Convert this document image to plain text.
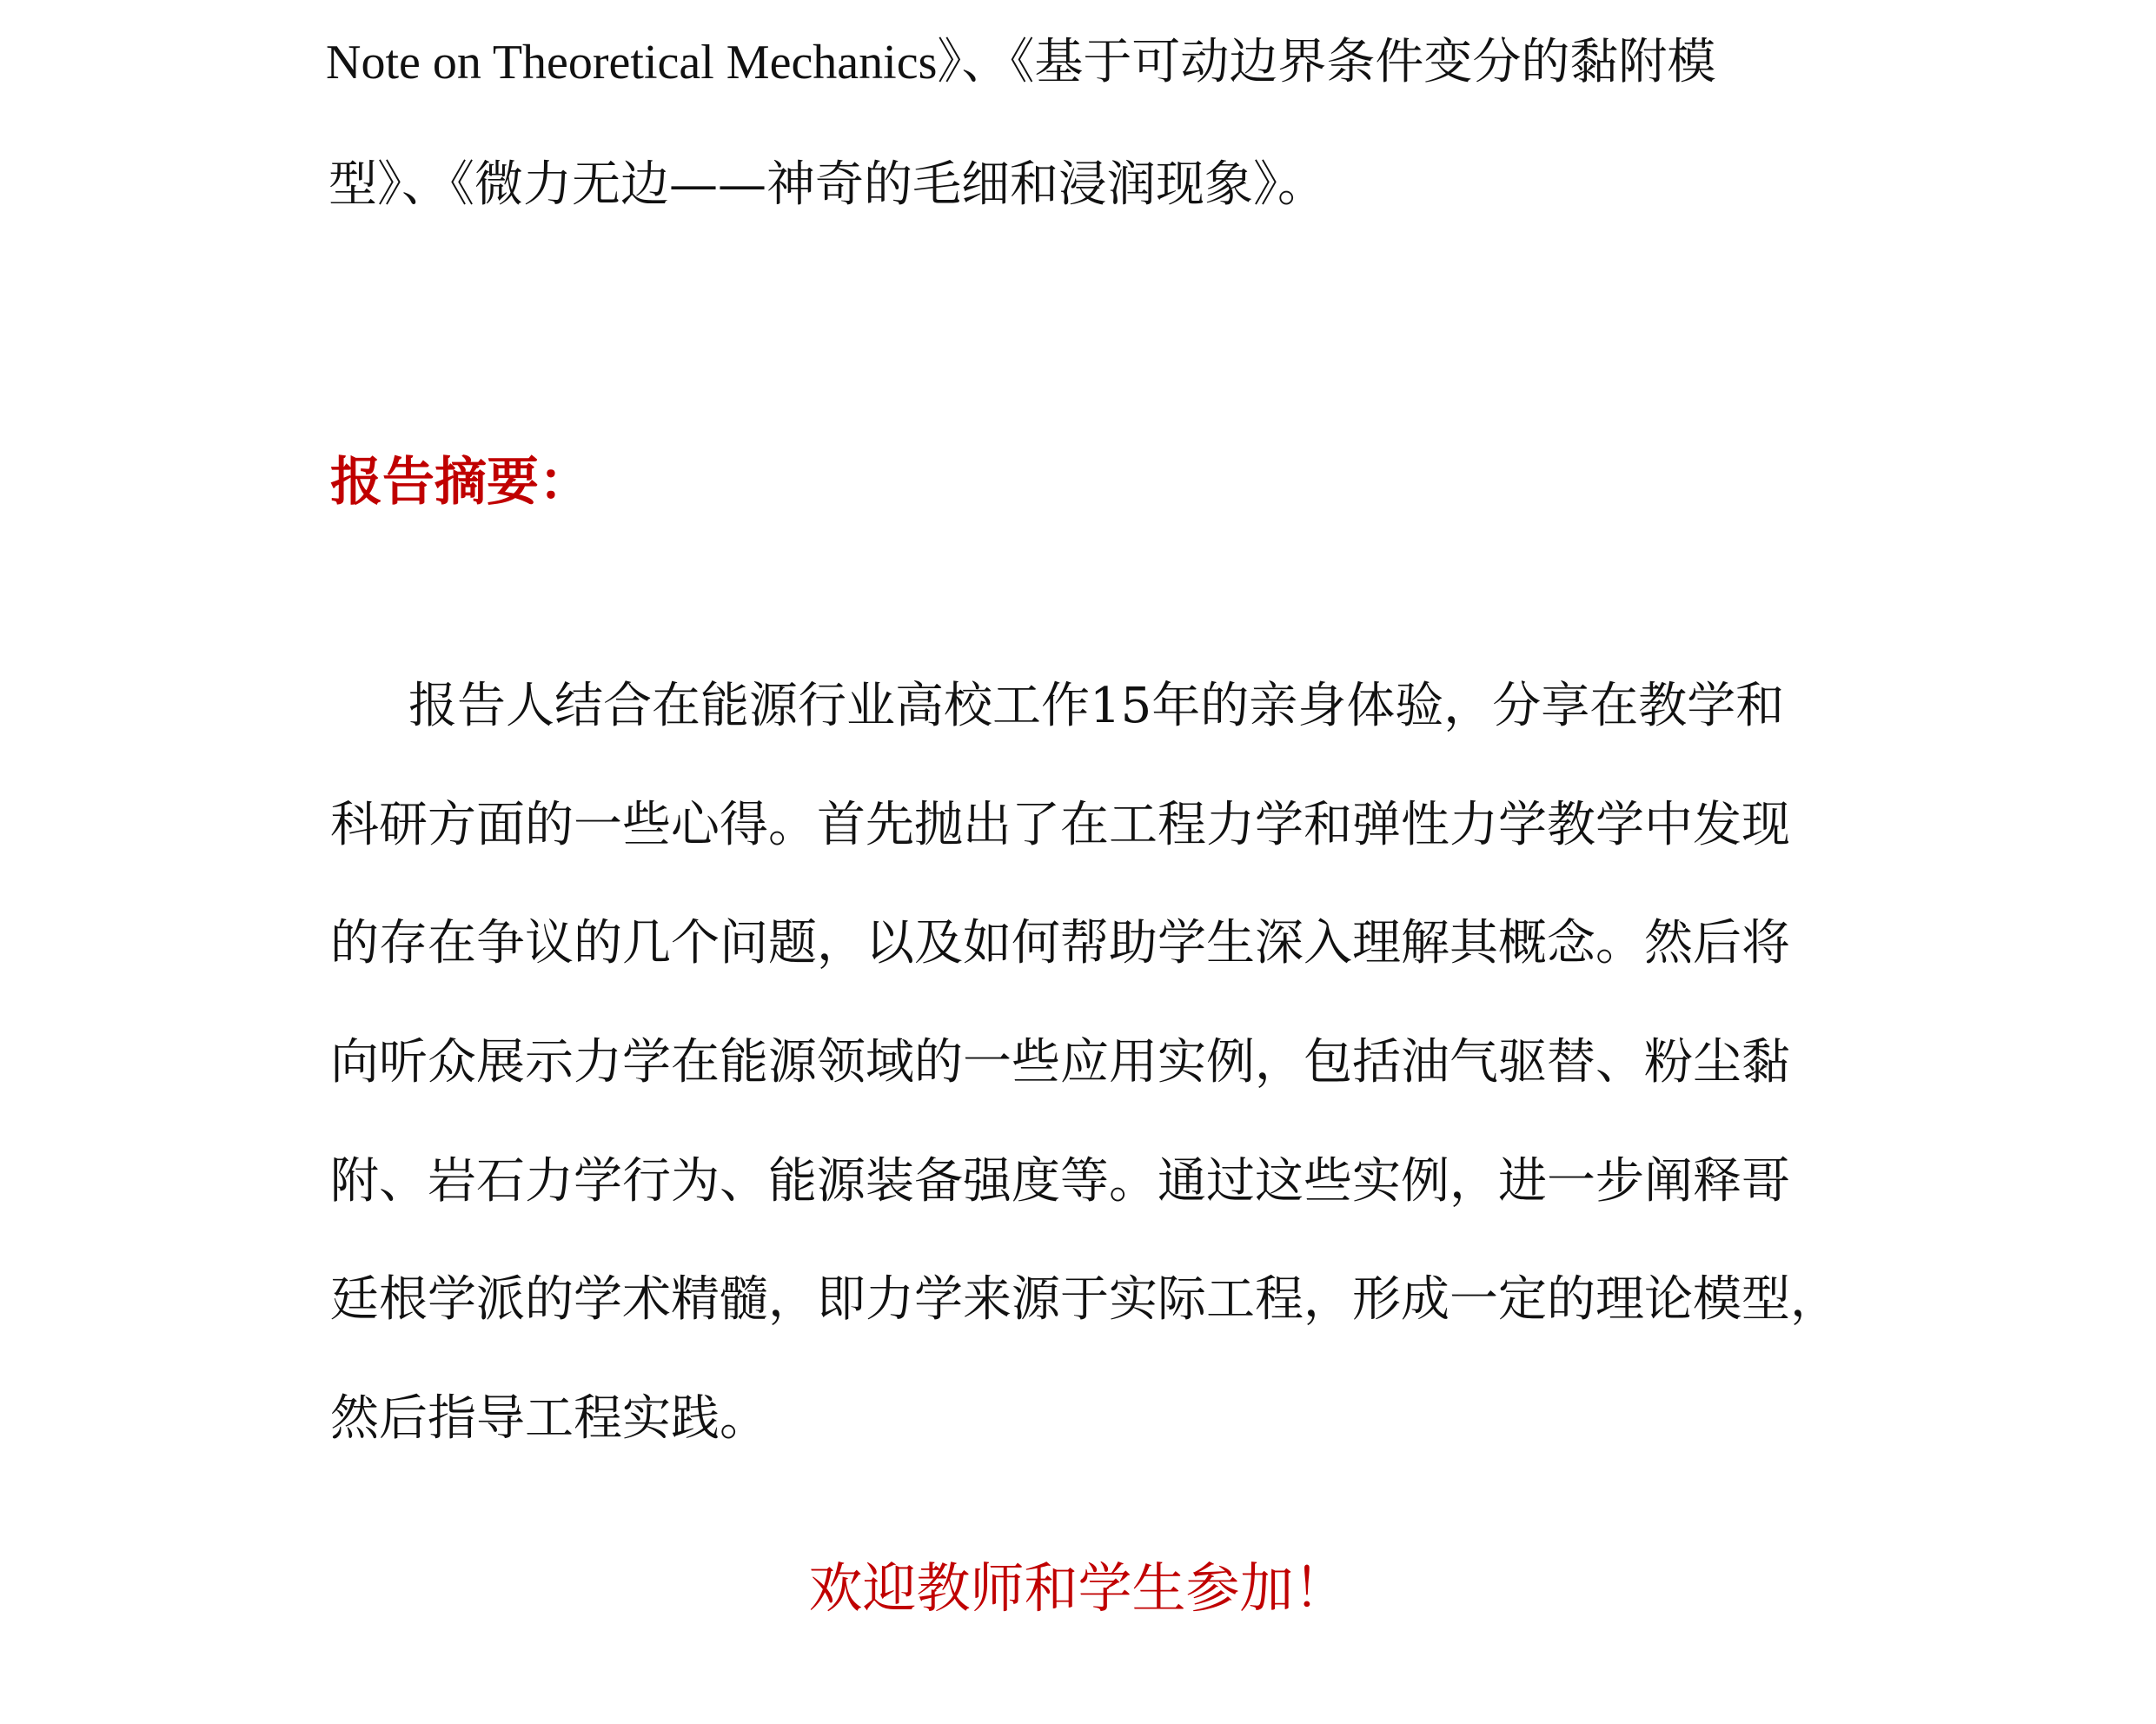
Note on Theoretical Mechanics》、《基于可动边界条件变分的黏附模
型》、《微力无边——神奇的毛细和浸润现象》。
报告摘要：
报告人结合在能源行业高校工作15年的亲身体验，分享在教学和
科研方面的一些心得。首先抛出了在工程力学和弹性力学教学中发现
的存在争议的几个问题，以及如何帮助学生深入理解其概念。然后将
向听众展示力学在能源领域的一些应用实例，包括油气驱替、粉尘黏
附、岩石力学行为、能源装备强度等。通过这些实例，进一步阐释哥
廷根学派的学术精髓，即力学来源于实际工程，形成一定的理论模型，
然后指导工程实践。
欢迎教师和学生参加！
